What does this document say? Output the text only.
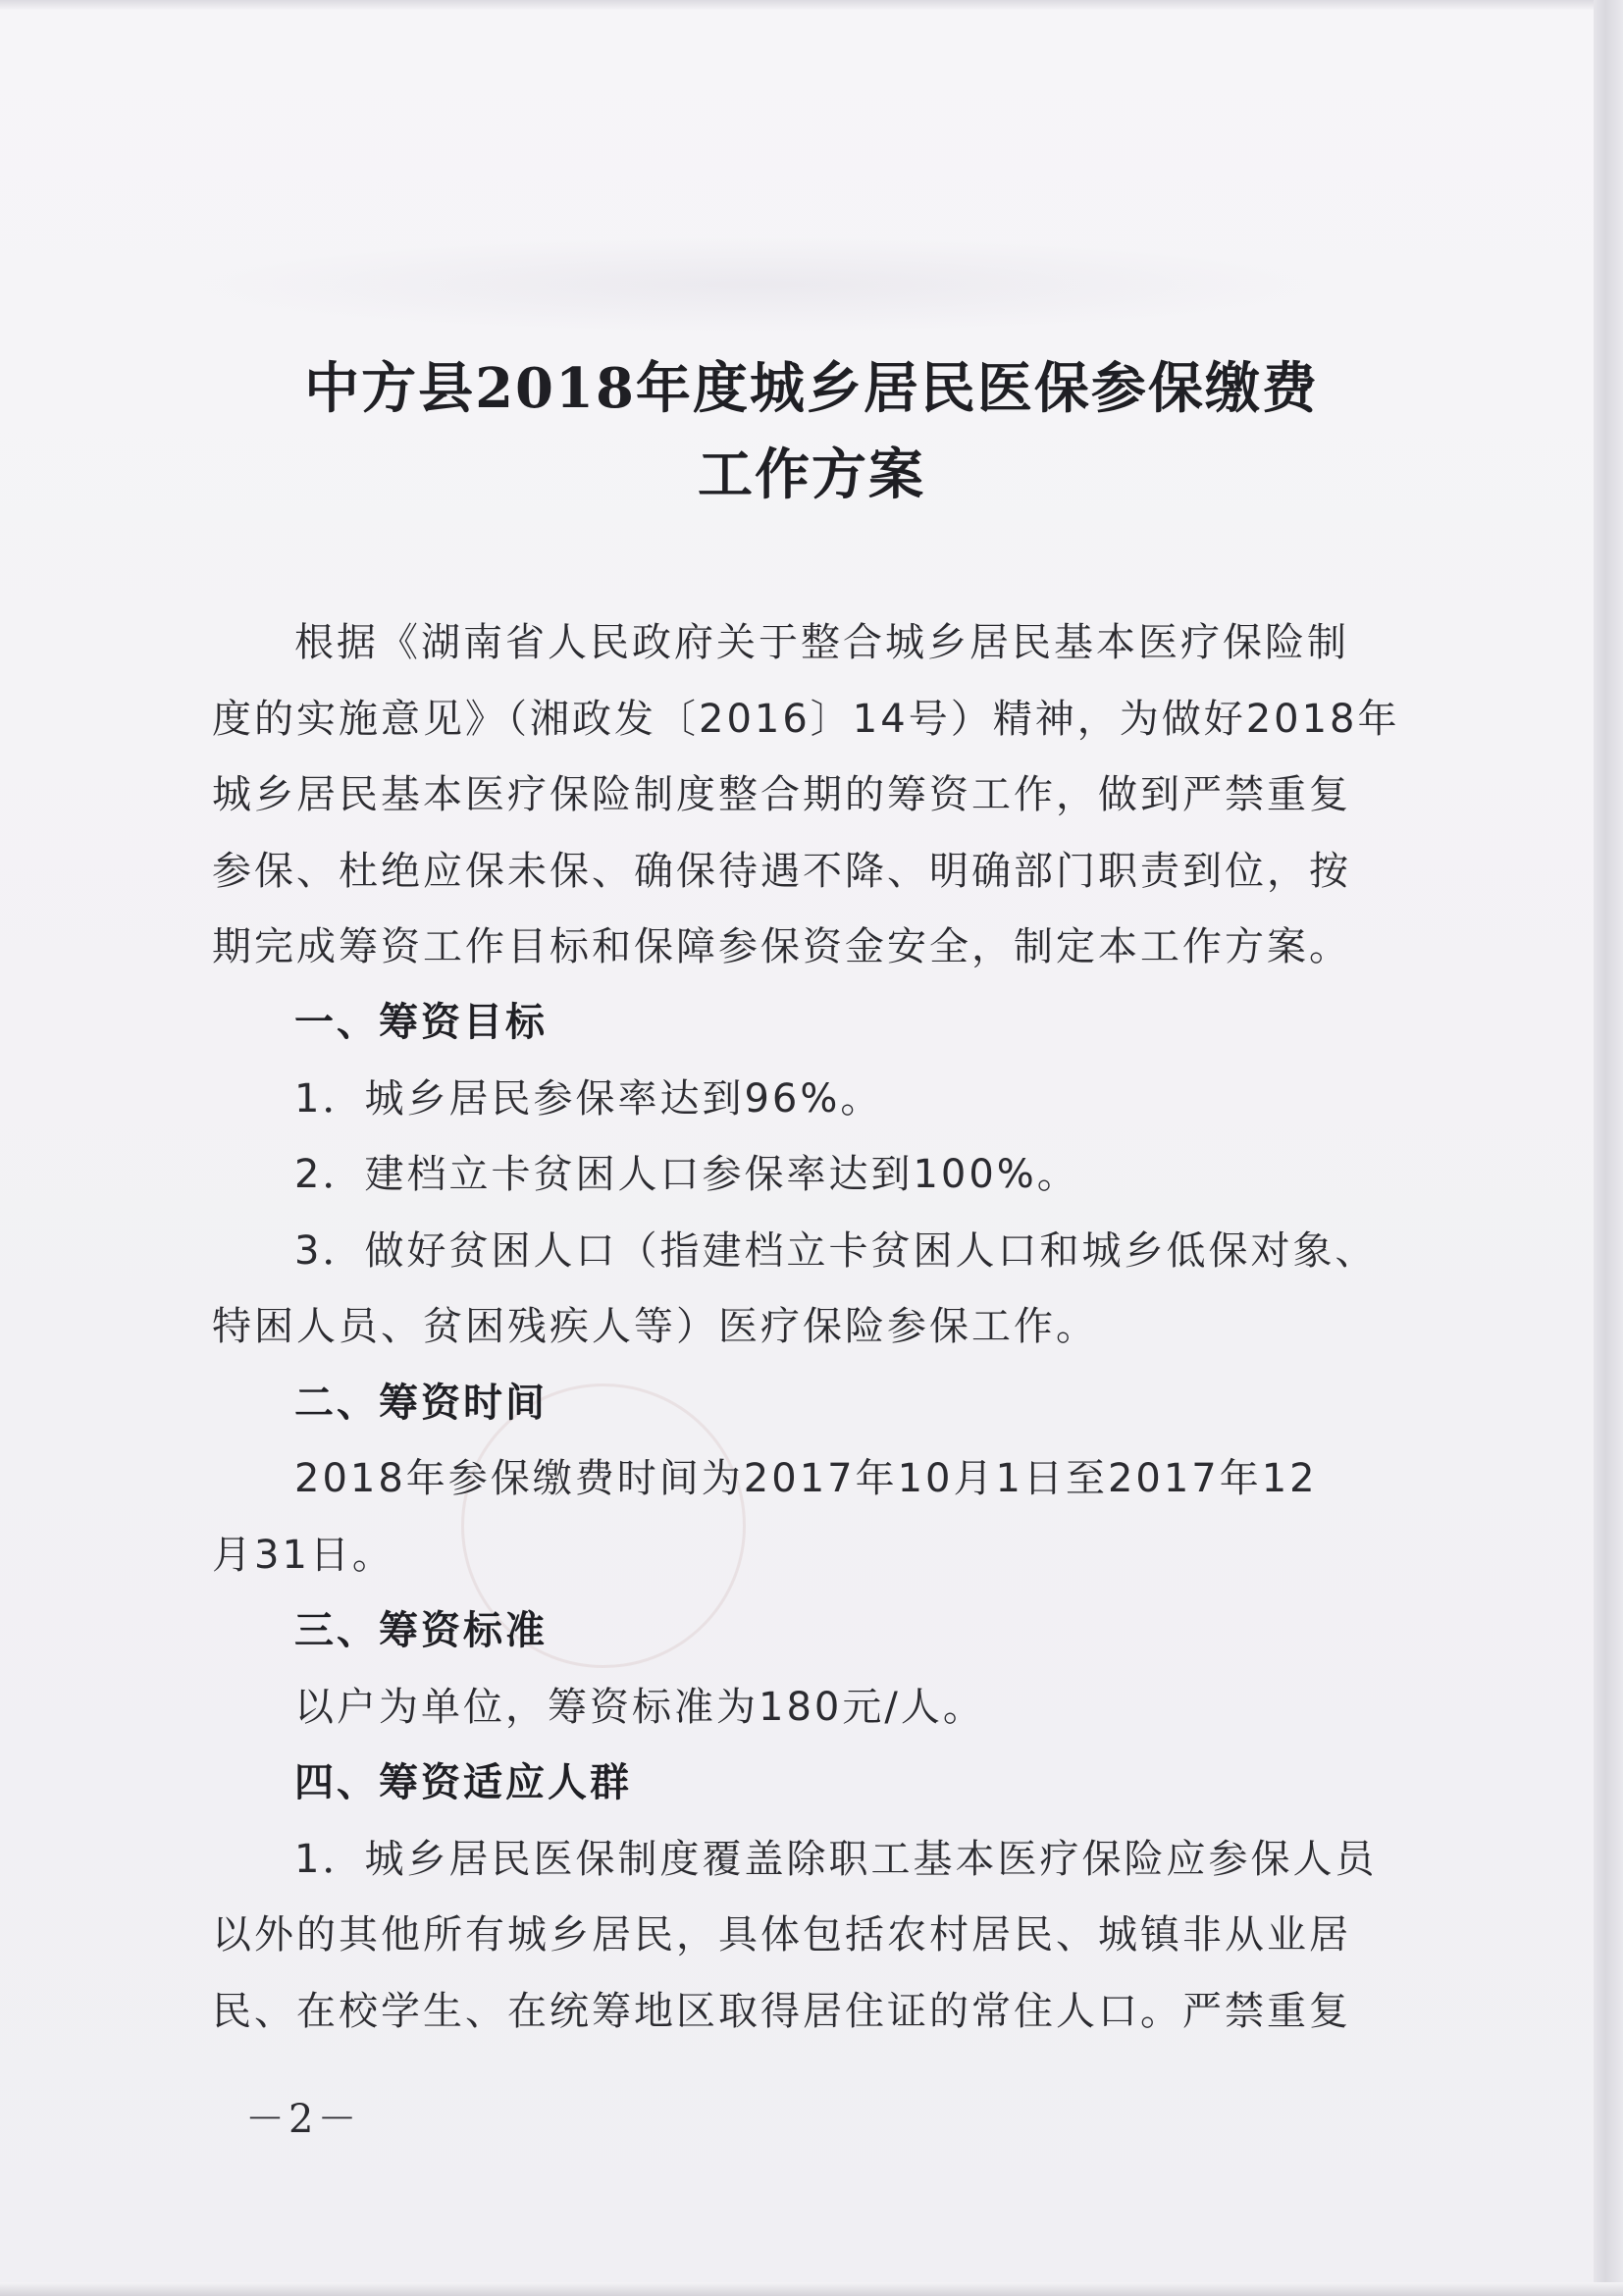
中方县2018年度城乡居民医保参保缴费
工作方案
根据《湖南省人民政府关于整合城乡居民基本医疗保险制
度的实施意见》（湘政发〔2016〕14号）精神，为做好2018年
城乡居民基本医疗保险制度整合期的筹资工作，做到严禁重复
参保、杜绝应保未保、确保待遇不降、明确部门职责到位，按
期完成筹资工作目标和保障参保资金安全，制定本工作方案。
一、筹资目标
1．城乡居民参保率达到96%。
2．建档立卡贫困人口参保率达到100%。
3．做好贫困人口（指建档立卡贫困人口和城乡低保对象、
特困人员、贫困残疾人等）医疗保险参保工作。
二、筹资时间
2018年参保缴费时间为2017年10月1日至2017年12
月31日。
三、筹资标准
以户为单位，筹资标准为180元/人。
四、筹资适应人群
1．城乡居民医保制度覆盖除职工基本医疗保险应参保人员
以外的其他所有城乡居民，具体包括农村居民、城镇非从业居
民、在校学生、在统筹地区取得居住证的常住人口。严禁重复
－2－
